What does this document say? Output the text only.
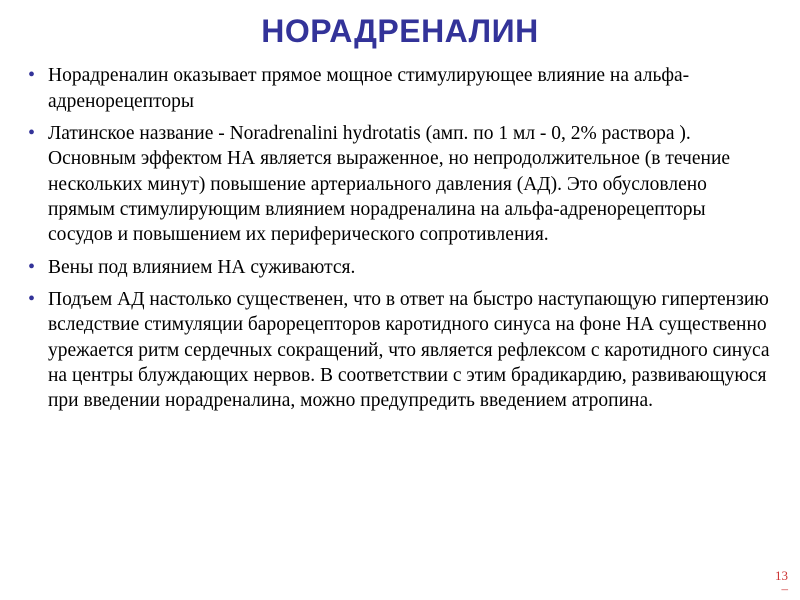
НОРАДРЕНАЛИН

• Норадреналин оказывает прямое мощное стимулирующее влияние на альфа-адренорецепторы

• Латинское название - Noradrenalini hydrotatis (амп. по 1 мл - 0, 2% раствора ).
Основным эффектом НА является выраженное, но непродолжительное (в течение нескольких минут) повышение артериального давления (АД). Это обусловлено прямым стимулирующим влиянием норадреналина на альфа-адренорецепторы сосудов и повышением их периферического сопротивления.

• Вены под влиянием НА суживаются.

• Подъем АД настолько существенен, что в ответ на быстро наступающую гипертензию вследствие стимуляции барорецепторов каротидного синуса на фоне НА существенно урежается ритм сердечных сокращений, что является рефлексом с каротидного синуса на центры блуждающих нервов. В соответствии с этим брадикардию, развивающуюся при введении норадреналина, можно предупредить введением атропина.

13
–
